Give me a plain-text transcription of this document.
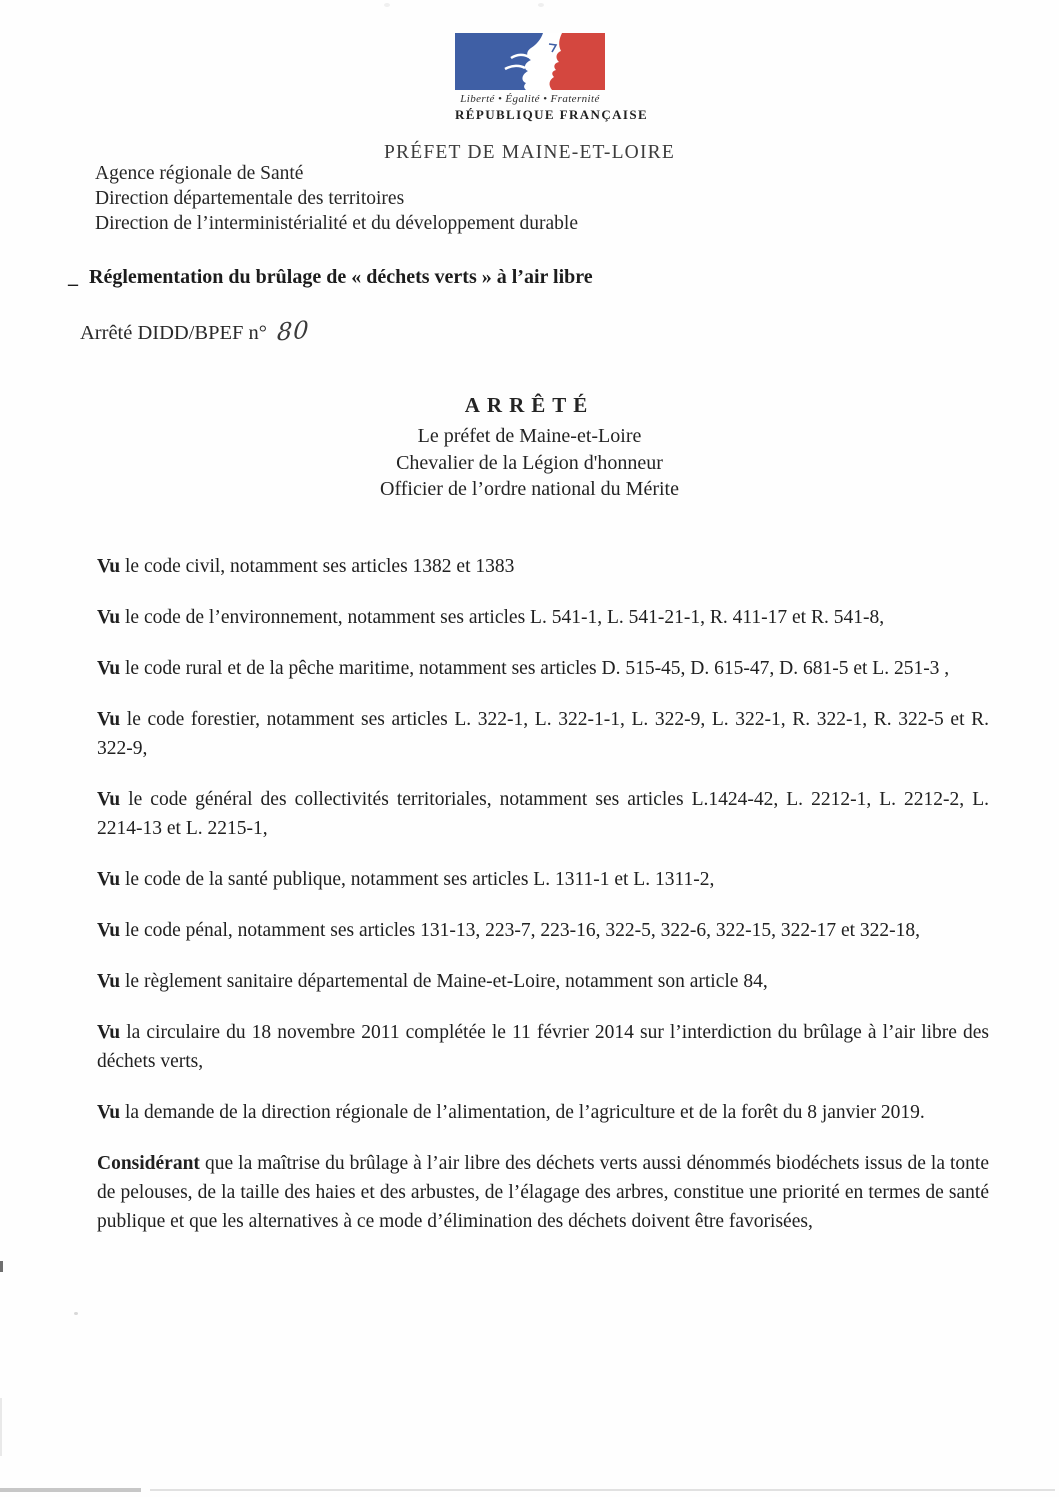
Liberté • Égalité • Fraternité
RÉPUBLIQUE FRANÇAISE
PRÉFET DE MAINE-ET-LOIRE
Agence régionale de Santé
Direction départementale des territoires
Direction de l’interministérialité et du développement durable
_ Réglementation du brûlage de « déchets verts » à l’air libre
Arrêté DIDD/BPEF n° 80
ARRÊTÉ
Le préfet de Maine-et-Loire
Chevalier de la Légion d'honneur
Officier de l’ordre national du Mérite

Vu le code civil, notamment ses articles 1382 et 1383

Vu le code de l’environnement, notamment ses articles L. 541-1, L. 541-21-1, R. 411-17 et R. 541-8,

Vu le code rural et de la pêche maritime, notamment ses articles D. 515-45, D. 615-47, D. 681-5 et L. 251-3 ,

Vu le code forestier, notamment ses articles L. 322-1, L. 322-1-1, L. 322-9, L. 322-1, R. 322-1, R. 322-5 et R. 322-9,

Vu le code général des collectivités territoriales, notamment ses articles L.1424-42, L. 2212-1, L. 2212-2, L. 2214-13 et L. 2215-1,

Vu le code de la santé publique, notamment ses articles L. 1311-1 et L. 1311-2,

Vu le code pénal, notamment ses articles 131-13, 223-7, 223-16, 322-5, 322-6, 322-15, 322-17 et 322-18,

Vu le règlement sanitaire départemental de Maine-et-Loire, notamment son article 84,

Vu la circulaire du 18 novembre 2011 complétée le 11 février 2014 sur l’interdiction du brûlage à l’air libre des déchets verts,

Vu la demande de la direction régionale de l’alimentation, de l’agriculture et de la forêt du 8 janvier 2019.

Considérant que la maîtrise du brûlage à l’air libre des déchets verts aussi dénommés biodéchets issus de la tonte de pelouses, de la taille des haies et des arbustes, de l’élagage des arbres, constitue une priorité en termes de santé publique et que les alternatives à ce mode d’élimination des déchets doivent être favorisées,
